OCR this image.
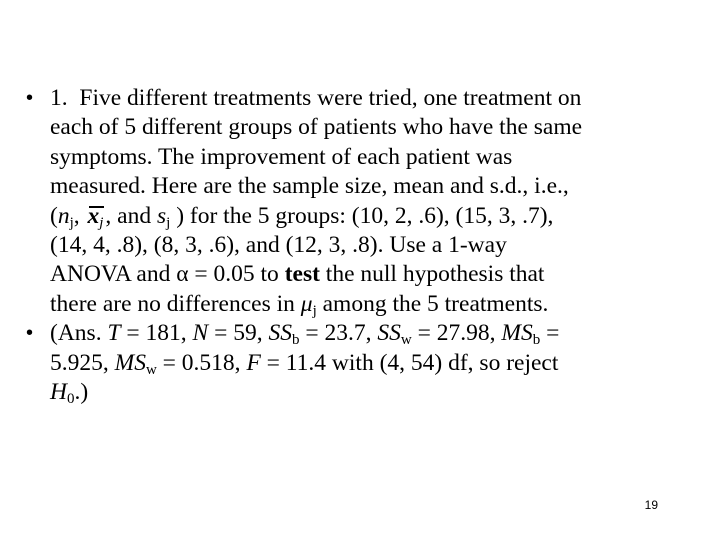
• 1. Five different treatments were tried, one treatment on each of 5 different groups of patients who have the same symptoms. The improvement of each patient was measured. Here are the sample size, mean and s.d., i.e., ($n_j$, $x_j$, and $s_j$ ) for the 5 groups: (10, 2, .6), (15, 3, .7), (14, 4, .8), (8, 3, .6), and (12, 3, .8). Use a 1-way ANOVA and α = 0.05 to test the null hypothesis that there are no differences in $\mu_j$ among the 5 treatments.
• (Ans. T = 181, N = 59, $SS_b = 23.7$, $SS_w = 27.98$, $MS_b = 5.925$, $MS_w = 0.518$, F = 11.4 with (4, 54) df, so reject $H_0$.)
19
